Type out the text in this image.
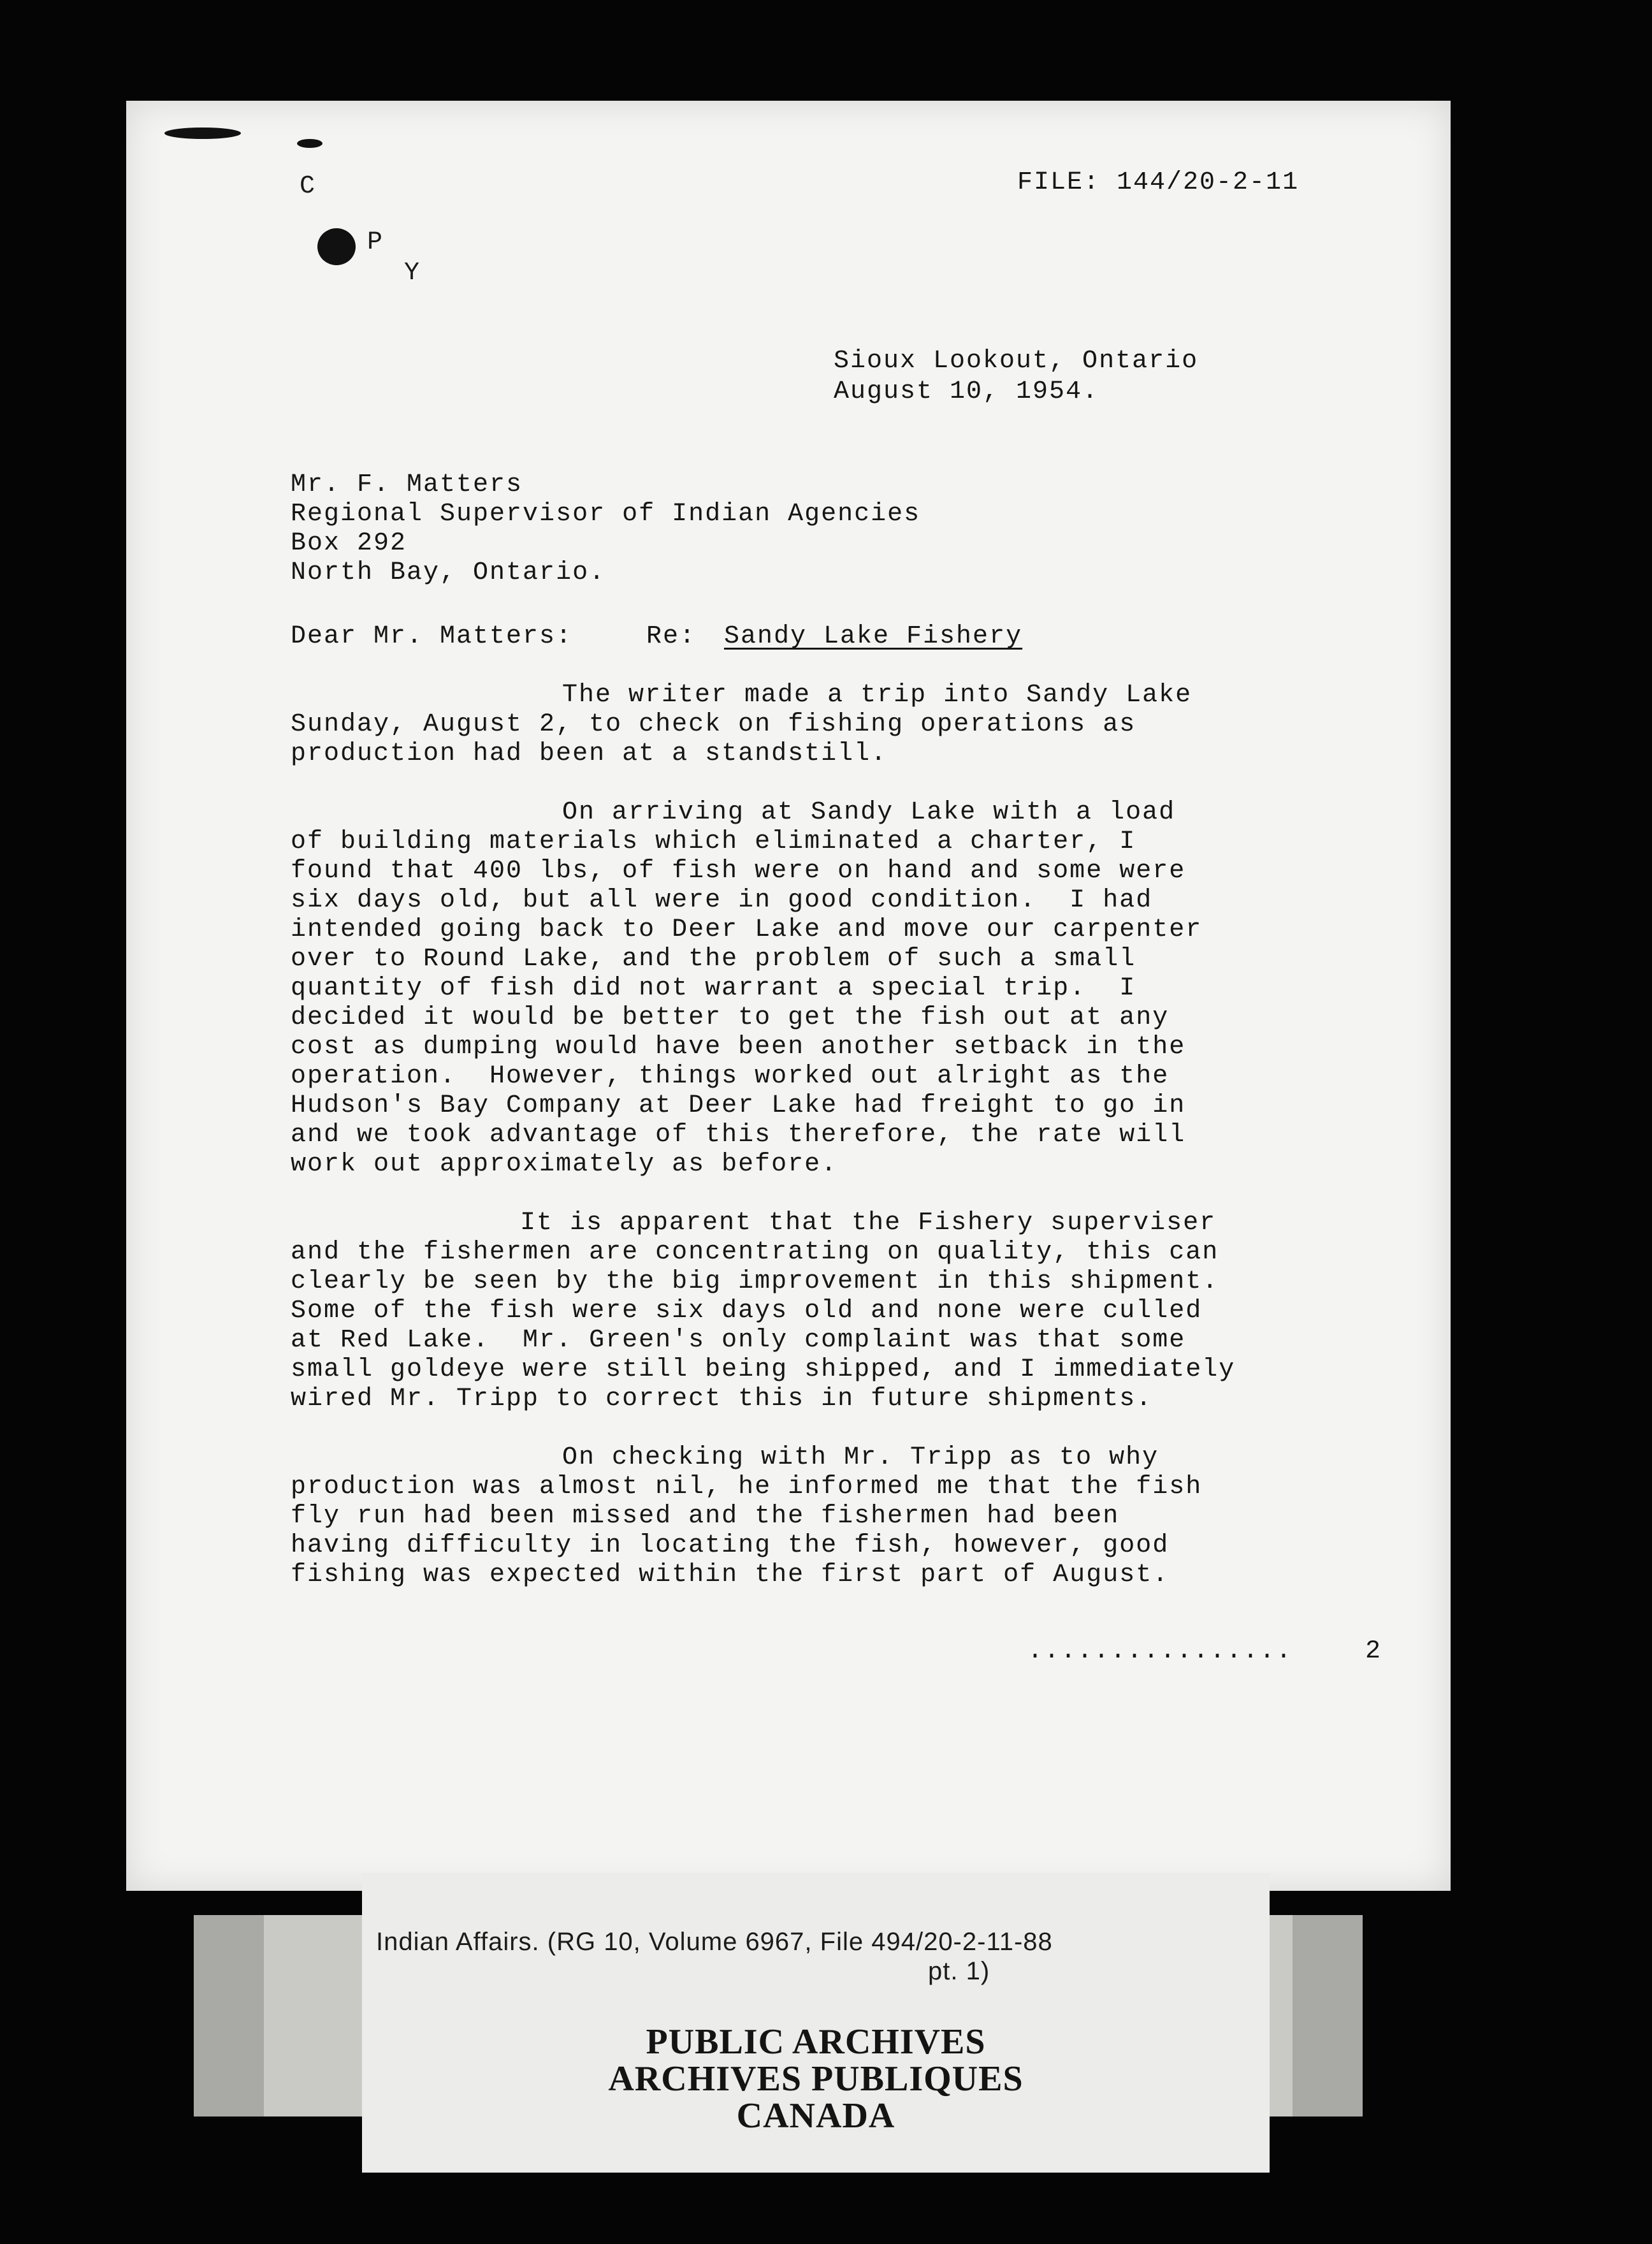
C
P
Y
FILE: 144/20-2-11
Sioux Lookout, Ontario
August 10, 1954.
Mr. F. Matters
Regional Supervisor of Indian Agencies
Box 292
North Bay, Ontario.
Dear Mr. Matters:	Re: Sandy Lake Fishery
The writer made a trip into Sandy Lake
Sunday, August 2, to check on fishing operations as
production had been at a standstill.
On arriving at Sandy Lake with a load
of building materials which eliminated a charter, I
found that 400 lbs, of fish were on hand and some were
six days old, but all were in good condition.  I had
intended going back to Deer Lake and move our carpenter
over to Round Lake, and the problem of such a small
quantity of fish did not warrant a special trip.  I
decided it would be better to get the fish out at any
cost as dumping would have been another setback in the
operation.  However, things worked out alright as the
Hudson's Bay Company at Deer Lake had freight to go in
and we took advantage of this therefore, the rate will
work out approximately as before.
It is apparent that the Fishery superviser
and the fishermen are concentrating on quality, this can
clearly be seen by the big improvement in this shipment.
Some of the fish were six days old and none were culled
at Red Lake.  Mr. Green's only complaint was that some
small goldeye were still being shipped, and I immediately
wired Mr. Tripp to correct this in future shipments.
On checking with Mr. Tripp as to why
production was almost nil, he informed me that the fish
fly run had been missed and the fishermen had been
having difficulty in locating the fish, however, good
fishing was expected within the first part of August.
................	2
Indian Affairs. (RG 10, Volume 6967, File 494/20-2-11-88
pt. 1)
PUBLIC ARCHIVES
ARCHIVES PUBLIQUES
CANADA
